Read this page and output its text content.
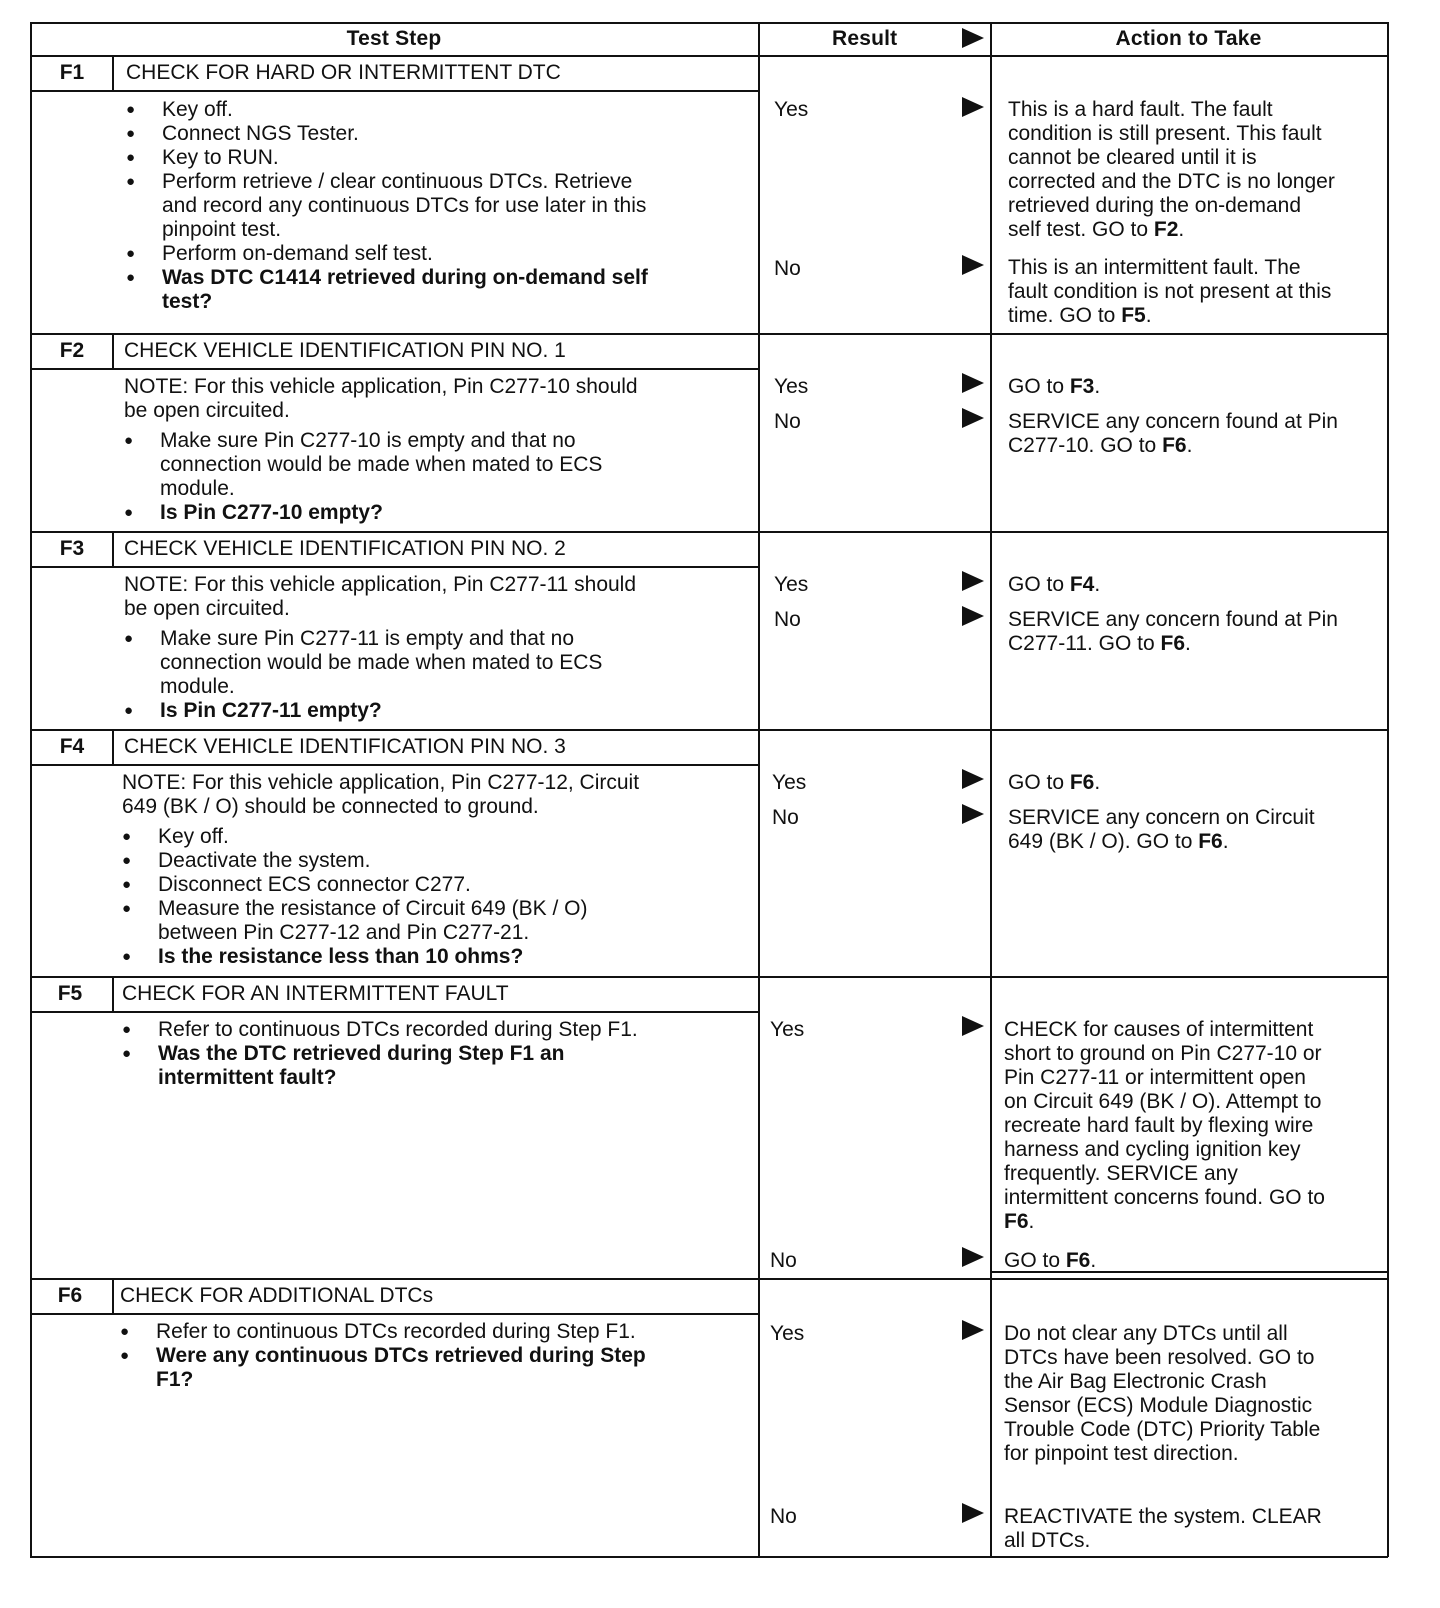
Test Step	Result	Action to Take
F1	CHECK FOR HARD OR INTERMITTENT DTC
● Key off.
● Connect NGS Tester.
● Key to RUN.
● Perform retrieve / clear continuous DTCs. Retrieve
and record any continuous DTCs for use later in this
pinpoint test.
● Perform on-demand self test.
● Was DTC C1414 retrieved during on-demand self
test?
Yes	This is a hard fault. The fault
condition is still present. This fault
cannot be cleared until it is
corrected and the DTC is no longer
retrieved during the on-demand
self test. GO to F2.
No	This is an intermittent fault. The
fault condition is not present at this
time. GO to F5.
F2	CHECK VEHICLE IDENTIFICATION PIN NO. 1
NOTE: For this vehicle application, Pin C277-10 should
be open circuited.
● Make sure Pin C277-10 is empty and that no
connection would be made when mated to ECS
module.
● Is Pin C277-10 empty?
Yes	GO to F3.
No	SERVICE any concern found at Pin
C277-10. GO to F6.
F3	CHECK VEHICLE IDENTIFICATION PIN NO. 2
NOTE: For this vehicle application, Pin C277-11 should
be open circuited.
● Make sure Pin C277-11 is empty and that no
connection would be made when mated to ECS
module.
● Is Pin C277-11 empty?
Yes	GO to F4.
No	SERVICE any concern found at Pin
C277-11. GO to F6.
F4	CHECK VEHICLE IDENTIFICATION PIN NO. 3
NOTE: For this vehicle application, Pin C277-12, Circuit
649 (BK / O) should be connected to ground.
● Key off.
● Deactivate the system.
● Disconnect ECS connector C277.
● Measure the resistance of Circuit 649 (BK / O)
between Pin C277-12 and Pin C277-21.
● Is the resistance less than 10 ohms?
Yes	GO to F6.
No	SERVICE any concern on Circuit
649 (BK / O). GO to F6.
F5	CHECK FOR AN INTERMITTENT FAULT
● Refer to continuous DTCs recorded during Step F1.
● Was the DTC retrieved during Step F1 an
intermittent fault?
Yes	CHECK for causes of intermittent
short to ground on Pin C277-10 or
Pin C277-11 or intermittent open
on Circuit 649 (BK / O). Attempt to
recreate hard fault by flexing wire
harness and cycling ignition key
frequently. SERVICE any
intermittent concerns found. GO to
F6.
No	GO to F6.
F6	CHECK FOR ADDITIONAL DTCs
● Refer to continuous DTCs recorded during Step F1.
● Were any continuous DTCs retrieved during Step
F1?
Yes	Do not clear any DTCs until all
DTCs have been resolved. GO to
the Air Bag Electronic Crash
Sensor (ECS) Module Diagnostic
Trouble Code (DTC) Priority Table
for pinpoint test direction.
No	REACTIVATE the system. CLEAR
all DTCs.
